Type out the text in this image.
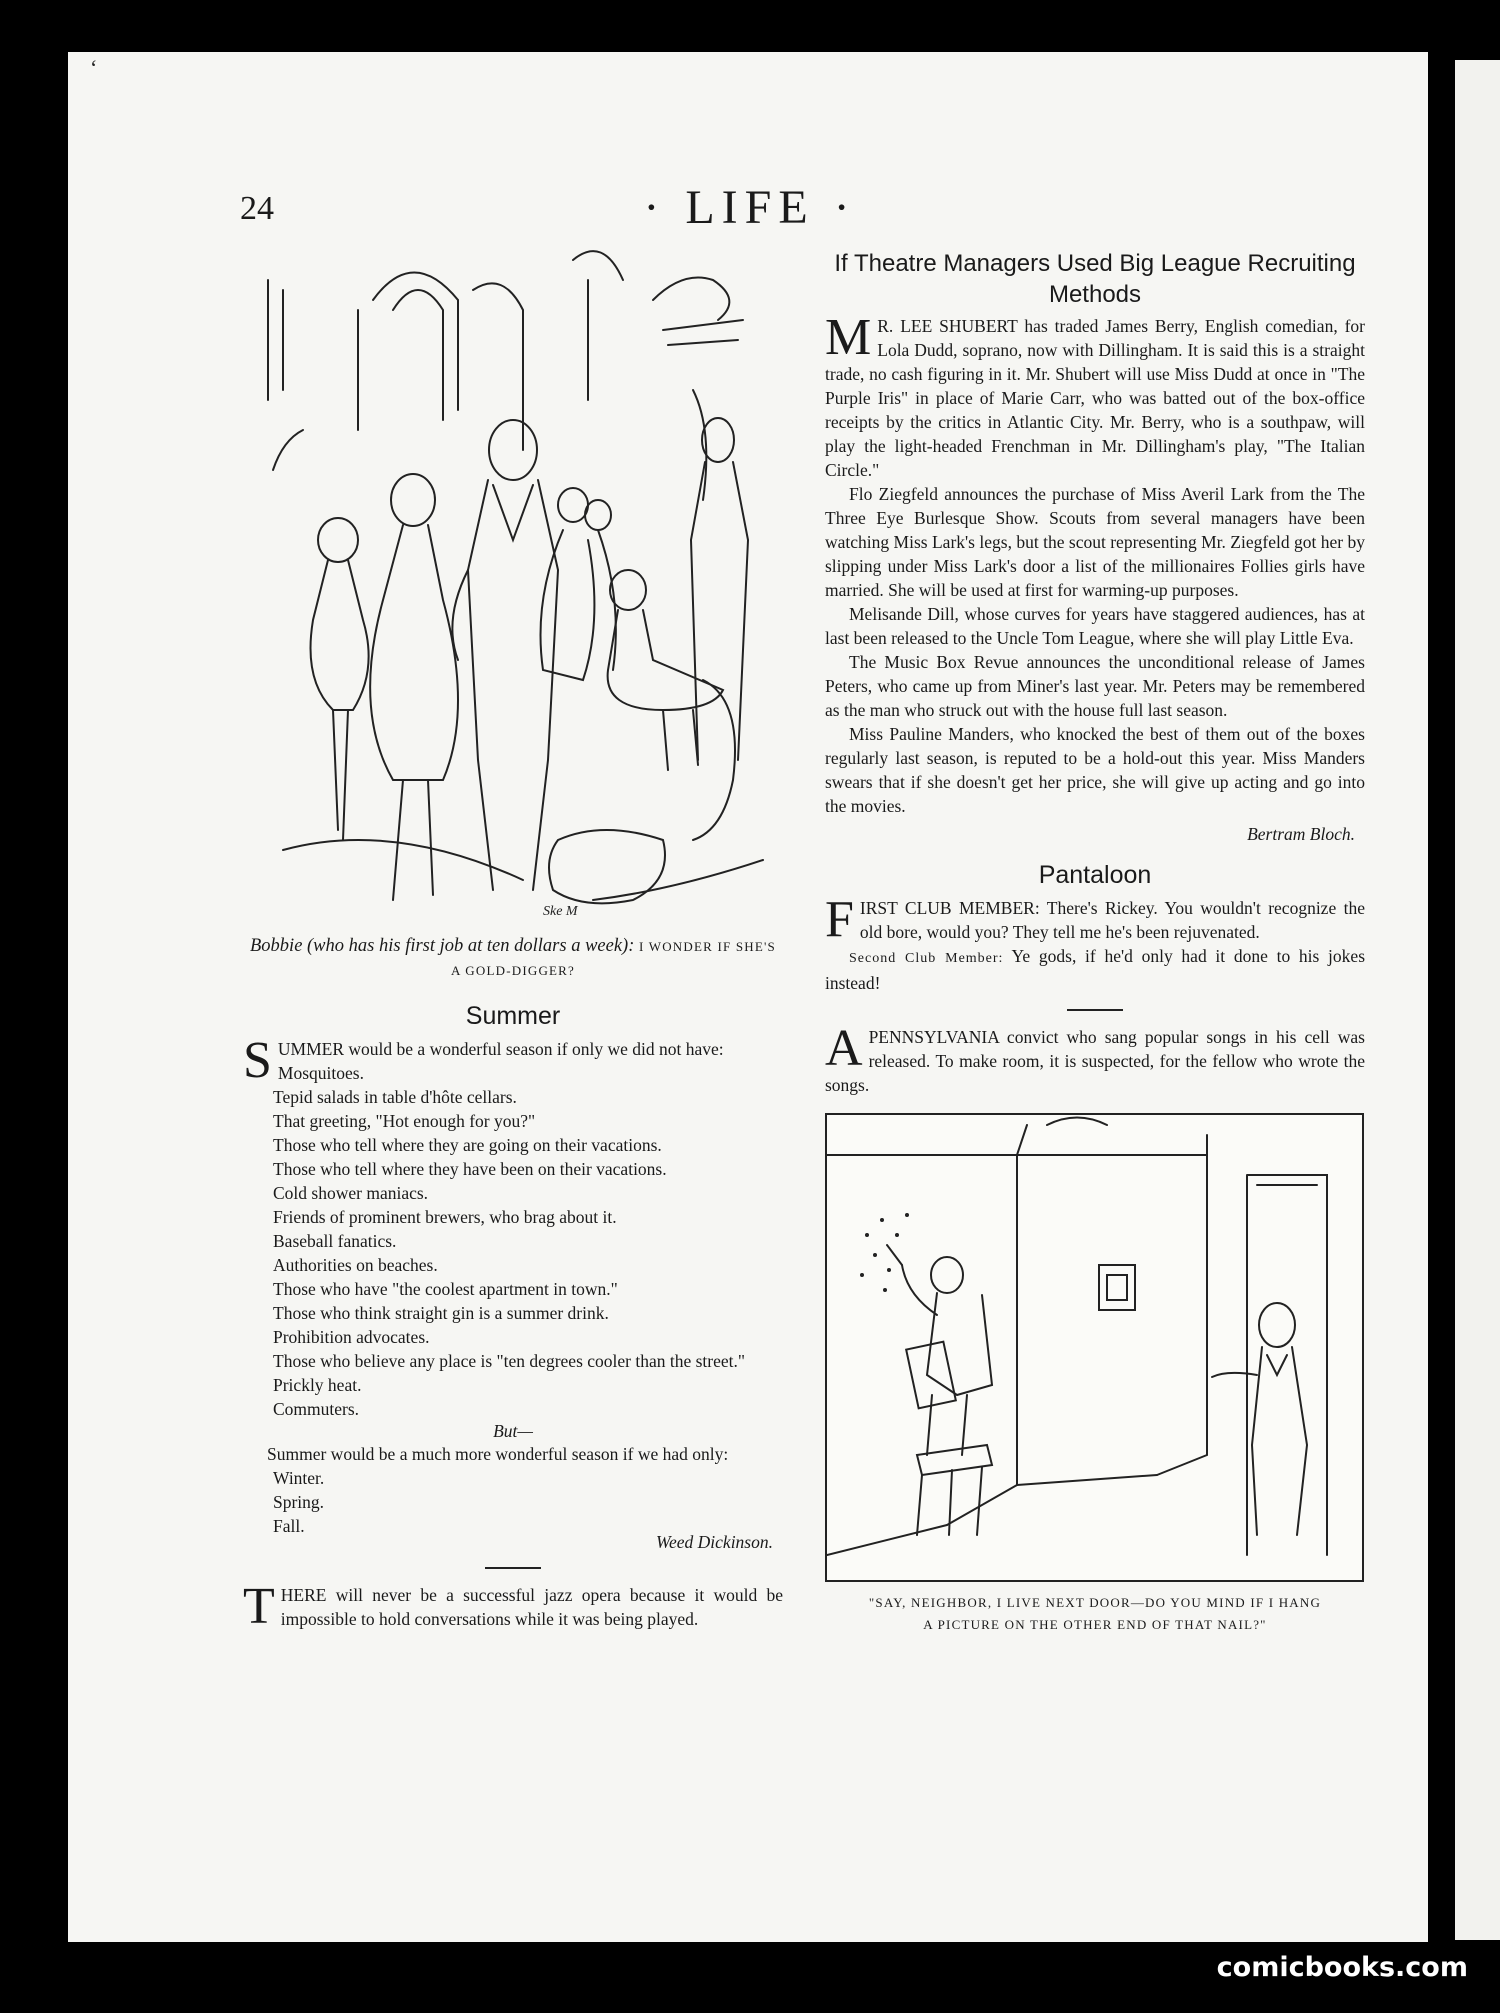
ʻ
24	· LIFE ·
Ske M
Bobbie (who has his first job at ten dollars a week): I WONDER IF SHE'S A GOLD-DIGGER?
Summer

SUMMER would be a wonderful season if only we did not have:

Mosquitoes.
Tepid salads in table d'hôte cellars.
That greeting, "Hot enough for you?"
Those who tell where they are going on their vacations.
Those who tell where they have been on their vacations.
Cold shower maniacs.
Friends of prominent brewers, who brag about it.
Baseball fanatics.
Authorities on beaches.
Those who have "the coolest apartment in town."
Those who think straight gin is a summer drink.
Prohibition advocates.
Those who believe any place is "ten degrees cooler than the street."
Prickly heat.
Commuters.
But—

Summer would be a much more wonderful season if we had only:

Winter.
Spring.
Fall.
Weed Dickinson.

THERE will never be a successful jazz opera because it would be impossible to hold conversations while it was being played.

If Theatre Managers Used Big League Recruiting Methods

M R. LEE SHUBERT has traded James Berry, English comedian, for Lola Dudd, soprano, now with Dillingham. It is said this is a straight trade, no cash figuring in it. Mr. Shubert will use Miss Dudd at once in "The Purple Iris" in place of Marie Carr, who was batted out of the box-office receipts by the critics in Atlantic City. Mr. Berry, who is a southpaw, will play the light-headed Frenchman in Mr. Dillingham's play, "The Italian Circle."

Flo Ziegfeld announces the purchase of Miss Averil Lark from the The Three Eye Burlesque Show. Scouts from several managers have been watching Miss Lark's legs, but the scout representing Mr. Ziegfeld got her by slipping under Miss Lark's door a list of the millionaires Follies girls have married. She will be used at first for warming-up purposes.

Melisande Dill, whose curves for years have staggered audiences, has at last been released to the Uncle Tom League, where she will play Little Eva.

The Music Box Revue announces the unconditional release of James Peters, who came up from Miner's last year. Mr. Peters may be remembered as the man who struck out with the house full last season.

Miss Pauline Manders, who knocked the best of them out of the boxes regularly last season, is reputed to be a hold-out this year. Miss Manders swears that if she doesn't get her price, she will give up acting and go into the movies.

Bertram Bloch.
Pantaloon

FIRST CLUB MEMBER: There's Rickey. You wouldn't recognize the old bore, would you? They tell me he's been rejuvenated.

Second Club Member: Ye gods, if he'd only had it done to his jokes instead!

APENNSYLVANIA convict who sang popular songs in his cell was released. To make room, it is suspected, for the fellow who wrote the songs.

"SAY, NEIGHBOR, I LIVE NEXT DOOR—DO YOU MIND IF I HANG
A PICTURE ON THE OTHER END OF THAT NAIL?"
comicbooks.com
